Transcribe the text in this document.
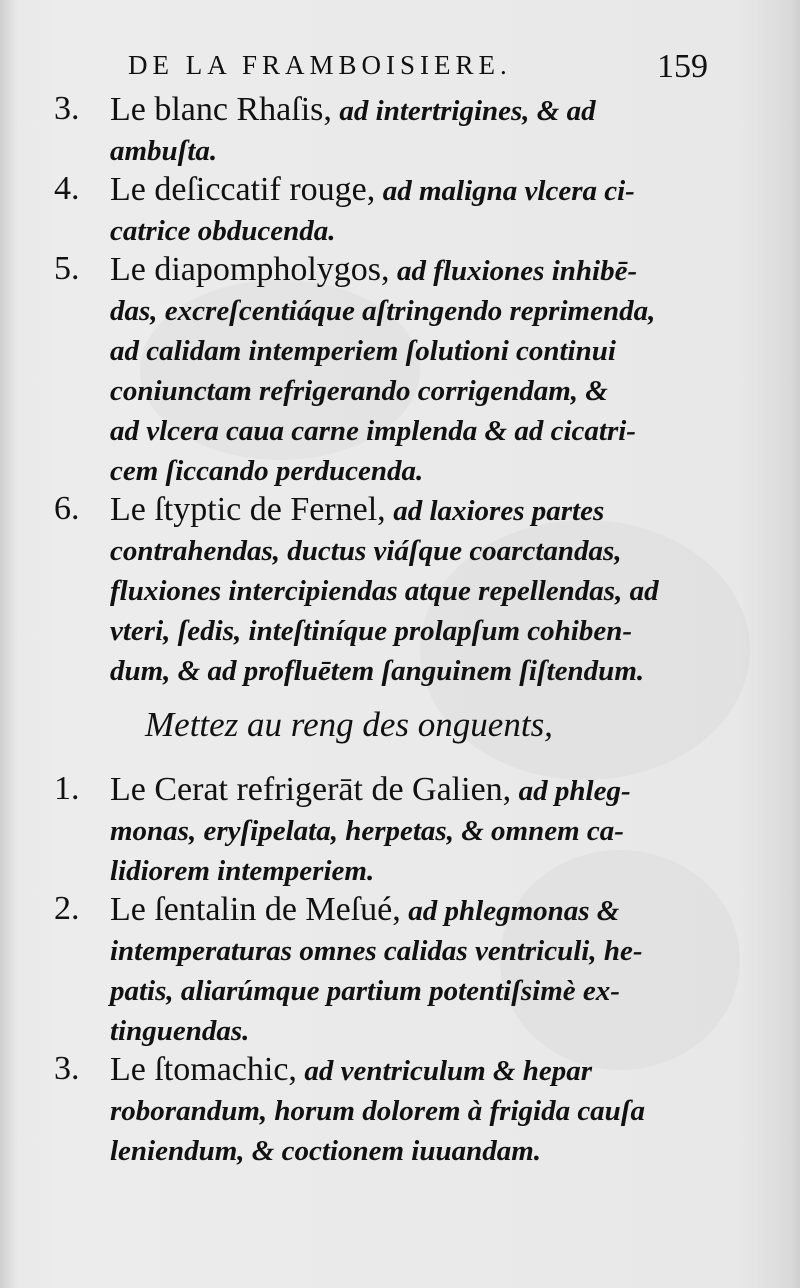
DE LA FRAMBOISIERE.	159
3. Le blanc Rhaſis, ad intertrigines, & ad
ambuſta.
4. Le deſiccatif rouge, ad maligna vlcera ci-
catrice obducenda.
5. Le diapompholygos, ad fluxiones inhibē-
das, excreſcentiáque aſtringendo reprimenda,
ad calidam intemperiem ſolutioni continui
coniunctam refrigerando corrigendam, &
ad vlcera caua carne implenda & ad cicatri-
cem ſiccando perducenda.
6. Le ſtyptic de Fernel, ad laxiores partes
contrahendas, ductus viáſque coarctandas,
fluxiones intercipiendas atque repellendas, ad
vteri, ſedis, inteſtiníque prolapſum cohiben-
dum, & ad profluētem ſanguinem ſiſtendum.
Mettez au reng des onguents,
1. Le Cerat refrigerāt de Galien, ad phleg-
monas, eryſipelata, herpetas, & omnem ca-
lidiorem intemperiem.
2. Le ſentalin de Meſué, ad phlegmonas &
intemperaturas omnes calidas ventriculi, he-
patis, aliarúmque partium potentiſsimè ex-
tinguendas.
3. Le ſtomachic, ad ventriculum & hepar
roborandum, horum dolorem à frigida cauſa
leniendum, & coctionem iuuandam.
